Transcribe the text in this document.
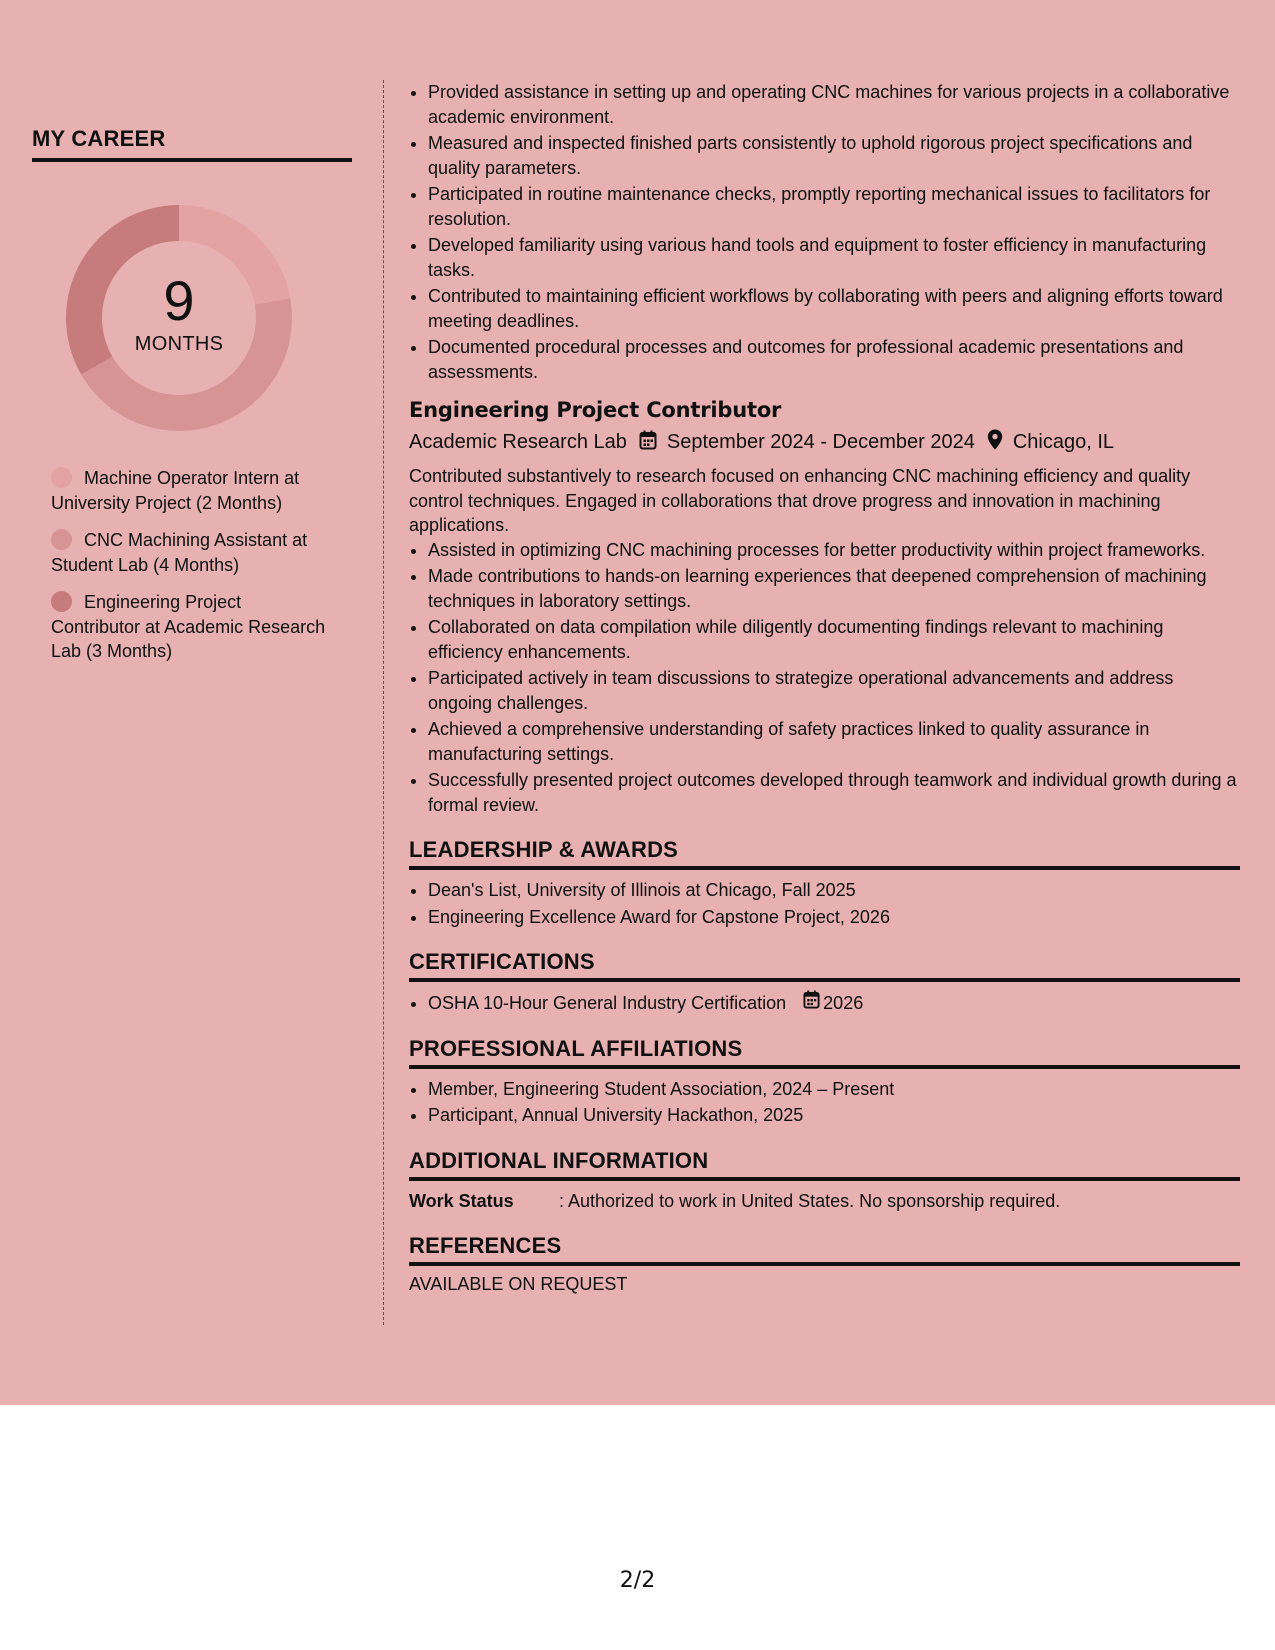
MY CAREER
9
MONTHS
Machine Operator Intern at University Project (2 Months)
CNC Machining Assistant at Student Lab (4 Months)
Engineering Project Contributor at Academic Research Lab (3 Months)
• Provided assistance in setting up and operating CNC machines for various projects in a collaborative academic environment.
• Measured and inspected finished parts consistently to uphold rigorous project specifications and quality parameters.
• Participated in routine maintenance checks, promptly reporting mechanical issues to facilitators for resolution.
• Developed familiarity using various hand tools and equipment to foster efficiency in manufacturing tasks.
• Contributed to maintaining efficient workflows by collaborating with peers and aligning efforts toward meeting deadlines.
• Documented procedural processes and outcomes for professional academic presentations and assessments.
Engineering Project Contributor
Academic Research Lab September 2024 - December 2024 Chicago, IL
Contributed substantively to research focused on enhancing CNC machining efficiency and quality control techniques. Engaged in collaborations that drove progress and innovation in machining applications.
• Assisted in optimizing CNC machining processes for better productivity within project frameworks.
• Made contributions to hands-on learning experiences that deepened comprehension of machining techniques in laboratory settings.
• Collaborated on data compilation while diligently documenting findings relevant to machining efficiency enhancements.
• Participated actively in team discussions to strategize operational advancements and address ongoing challenges.
• Achieved a comprehensive understanding of safety practices linked to quality assurance in manufacturing settings.
• Successfully presented project outcomes developed through teamwork and individual growth during a formal review.
LEADERSHIP & AWARDS
• Dean's List, University of Illinois at Chicago, Fall 2025
• Engineering Excellence Award for Capstone Project, 2026
CERTIFICATIONS
• OSHA 10-Hour General Industry Certification 2026
PROFESSIONAL AFFILIATIONS
• Member, Engineering Student Association, 2024 – Present
• Participant, Annual University Hackathon, 2025
ADDITIONAL INFORMATION
Work Status	: Authorized to work in United States. No sponsorship required.
REFERENCES
AVAILABLE ON REQUEST
2/2
